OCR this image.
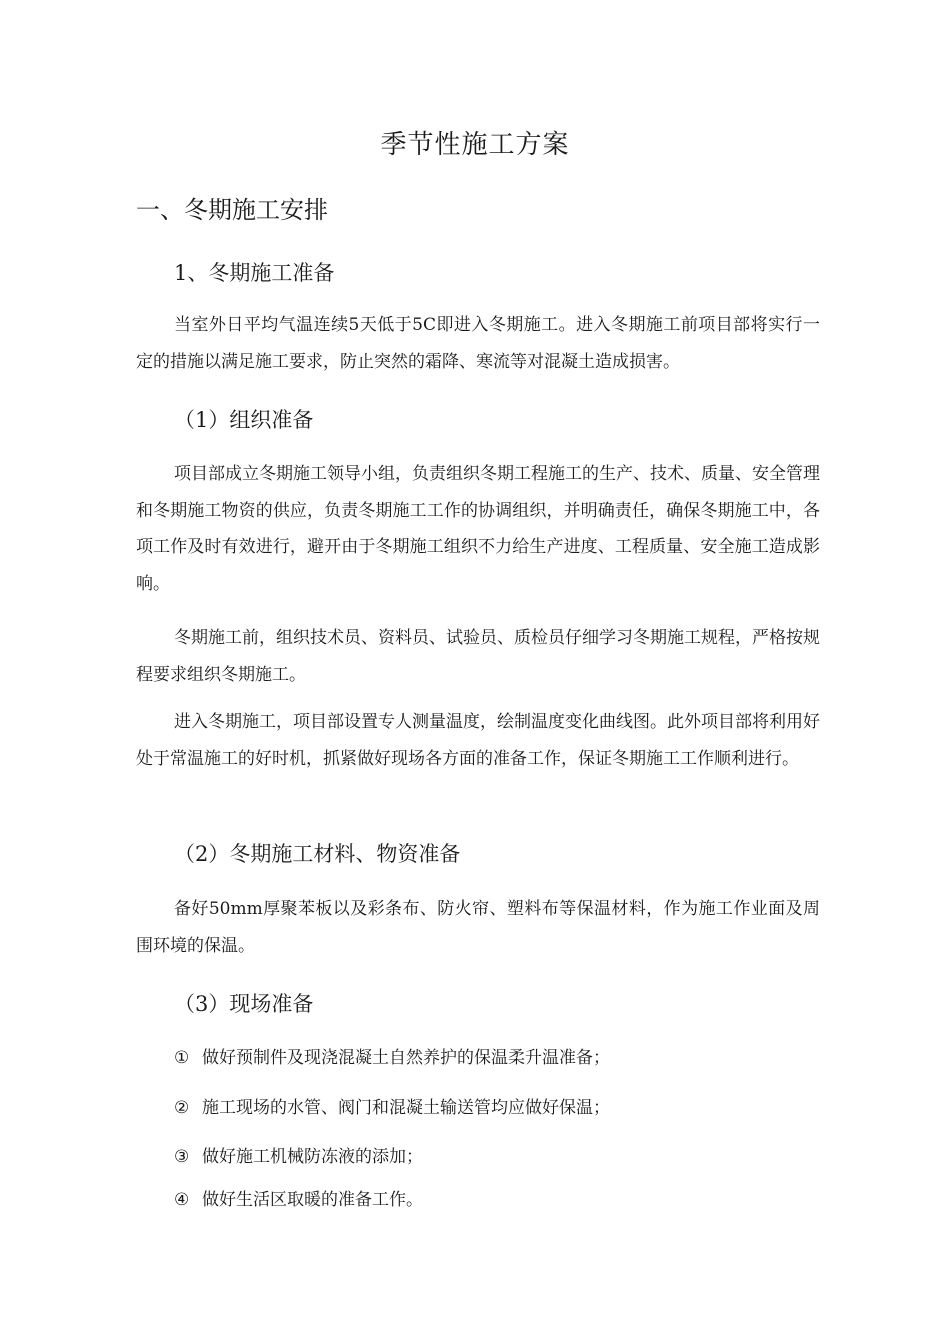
季节性施工方案
一、冬期施工安排
1、冬期施工准备

当室外日平均气温连续5天低于5C即进入冬期施工。进入冬期施工前项目部将实行一定的措施以满足施工要求，防止突然的霜降、寒流等对混凝土造成损害。

（1）组织准备

项目部成立冬期施工领导小组，负责组织冬期工程施工的生产、技术、质量、安全管理和冬期施工物资的供应，负责冬期施工工作的协调组织，并明确责任，确保冬期施工中，各项工作及时有效进行，避开由于冬期施工组织不力给生产进度、工程质量、安全施工造成影响。

冬期施工前，组织技术员、资料员、试验员、质检员仔细学习冬期施工规程，严格按规程要求组织冬期施工。

进入冬期施工，项目部设置专人测量温度，绘制温度变化曲线图。此外项目部将利用好处于常温施工的好时机，抓紧做好现场各方面的准备工作，保证冬期施工工作顺利进行。

（2）冬期施工材料、物资准备

备好50mm厚聚苯板以及彩条布、防火帘、塑料布等保温材料，作为施工作业面及周围环境的保温。

（3）现场准备
① 做好预制件及现浇混凝土自然养护的保温柔升温准备；
② 施工现场的水管、阀门和混凝土输送管均应做好保温；
③ 做好施工机械防冻液的添加；
④ 做好生活区取暖的准备工作。
